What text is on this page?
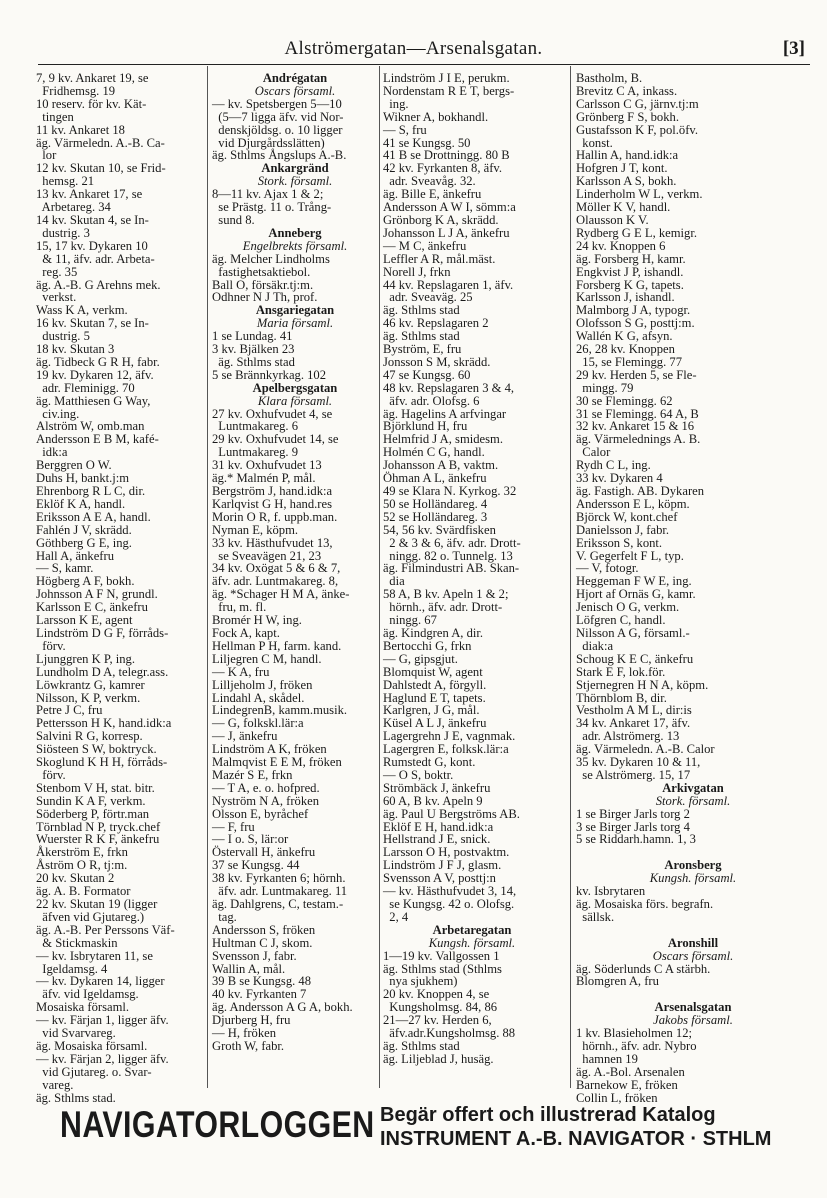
Alströmergatan—Arsenalsgatan.	[3]
7, 9 kv. Ankaret 19, se
Fridhemsg. 19
10 reserv. för kv. Kät-
tingen
11 kv. Ankaret 18
äg. Värmeledn. A.-B. Ca-
lor
12 kv. Skutan 10, se Frid-
hemsg. 21
13 kv. Ankaret 17, se
Arbetareg. 34
14 kv. Skutan 4, se In-
dustrig. 3
15, 17 kv. Dykaren 10
& 11, äfv. adr. Arbeta-
reg. 35
äg. A.-B. G Arehns mek.
verkst.
Wass K A, verkm.
16 kv. Skutan 7, se In-
dustrig. 5
18 kv. Skutan 3
äg. Tidbeck G R H, fabr.
19 kv. Dykaren 12, äfv.
adr. Fleminigg. 70
äg. Matthiesen G Way,
civ.ing.
Alström W, omb.man
Andersson E B M, kafé-
idk:a
Berggren O W.
Duhs H, bankt.j:m
Ehrenborg R L C, dir.
Eklöf K A, handl.
Eriksson A E A, handl.
Fahlén J V, skrädd.
Göthberg G E, ing.
Hall A, änkefru
— S, kamr.
Högberg A F, bokh.
Johnsson A F N, grundl.
Karlsson E C, änkefru
Larsson K E, agent
Lindström D G F, förråds-
förv.
Ljunggren K P, ing.
Lundholm D A, telegr.ass.
Löwkrantz G, kamrer
Nilsson, K P, verkm.
Petre J C, fru
Pettersson H K, hand.idk:a
Salvini R G, korresp.
Siösteen S W, boktryck.
Skoglund K H H, förråds-
förv.
Stenbom V H, stat. bitr.
Sundin K A F, verkm.
Söderberg P, förtr.man
Törnblad N P, tryck.chef
Wuerster R K F, änkefru
Åkerström E, frkn
Åström O R, tj:m.
20 kv. Skutan 2
äg. A. B. Formator
22 kv. Skutan 19 (ligger
äfven vid Gjutareg.)
äg. A.-B. Per Perssons Väf-
& Stickmaskin
— kv. Isbrytaren 11, se
Igeldamsg. 4
— kv. Dykaren 14, ligger
äfv. vid Igeldamsg.
Mosaiska församl.
— kv. Färjan 1, ligger äfv.
vid Svarvareg.
äg. Mosaiska församl.
— kv. Färjan 2, ligger äfv.
vid Gjutareg. o. Svar-
vareg.
äg. Sthlms stad.
Andrégatan
Oscars församl.
— kv. Spetsbergen 5—10
(5—7 ligga äfv. vid Nor-
denskjöldsg. o. 10 ligger
vid Djurgårdsslätten)
äg. Sthlms Ångslups A.-B.
Ankargränd
Stork. församl.
8—11 kv. Ajax 1 & 2;
se Prästg. 11 o. Trång-
sund 8.
Anneberg
Engelbrekts församl.
äg. Melcher Lindholms
fastighetsaktiebol.
Ball O, försäkr.tj:m.
Odhner N J Th, prof.
Ansgariegatan
Maria församl.
1 se Lundag. 41
3 kv. Bjälken 23
äg. Sthlms stad
5 se Brännkyrkag. 102
Apelbergsgatan
Klara församl.
27 kv. Oxhufvudet 4, se
Luntmakareg. 6
29 kv. Oxhufvudet 14, se
Luntmakareg. 9
31 kv. Oxhufvudet 13
äg.* Malmén P, mål.
Bergström J, hand.idk:a
Karlqvist G H, hand.res
Morin O R, f. uppb.man.
Nyman E, köpm.
33 kv. Hästhufvudet 13,
se Sveavägen 21, 23
34 kv. Oxögat 5 & 6 & 7,
äfv. adr. Luntmakareg. 8,
äg. *Schager H M A, änke-
fru, m. fl.
Bromér H W, ing.
Fock A, kapt.
Hellman P H, farm. kand.
Liljegren C M, handl.
— K A, fru
Lilljeholm J, fröken
Lindahl A, skådel.
LindegrenB, kamm.musik.
— G, folkskl.lär:a
— J, änkefru
Lindström A K, fröken
Malmqvist E E M, fröken
Mazér S E, frkn
— T A, e. o. hofpred.
Nyström N A, fröken
Olsson E, byråchef
— F, fru
— I o. S, lär:or
Östervall H, änkefru
37 se Kungsg. 44
38 kv. Fyrkanten 6; hörnh.
äfv. adr. Luntmakareg. 11
äg. Dahlgrens, C, testam.-
tag.
Andersson S, fröken
Hultman C J, skom.
Svensson J, fabr.
Wallin A, mål.
39 B se Kungsg. 48
40 kv. Fyrkanten 7
äg. Andersson A G A, bokh.
Djurberg H, fru
— H, fröken
Groth W, fabr.
Lindström J I E, perukm.
Nordenstam R E T, bergs-
ing.
Wikner A, bokhandl.
— S, fru
41 se Kungsg. 50
41 B se Drottningg. 80 B
42 kv. Fyrkanten 8, äfv.
adr. Sveavåg. 32.
äg. Bille E, änkefru
Andersson A W I, sömm:a
Grönborg K A, skrädd.
Johansson L J A, änkefru
— M C, änkefru
Leffler A R, mål.mäst.
Norell J, frkn
44 kv. Repslagaren 1, äfv.
adr. Sveaväg. 25
äg. Sthlms stad
46 kv. Repslagaren 2
äg. Sthlms stad
Byström, E, fru
Jonsson S M, skrädd.
47 se Kungsg. 60
48 kv. Repslagaren 3 & 4,
äfv. adr. Olofsg. 6
äg. Hagelins A arfvingar
Björklund H, fru
Helmfrid J A, smidesm.
Holmén C G, handl.
Johansson A B, vaktm.
Öhman A L, änkefru
49 se Klara N. Kyrkog. 32
50 se Holländareg. 4
52 se Holländareg. 3
54, 56 kv. Svärdfisken
2 & 3 & 6, äfv. adr. Drott-
ningg. 82 o. Tunnelg. 13
äg. Filmindustri AB. Skan-
dia
58 A, B kv. Apeln 1 & 2;
hörnh., äfv. adr. Drott-
ningg. 67
äg. Kindgren A, dir.
Bertocchi G, frkn
— G, gipsgjut.
Blomquist W, agent
Dahlstedt A, förgyll.
Haglund E T, tapets.
Karlgren, J G, mål.
Küsel A L J, änkefru
Lagergrehn J E, vagnmak.
Lagergren E, folksk.lär:a
Rumstedt G, kont.
— O S, boktr.
Strömbäck J, änkefru
60 A, B kv. Apeln 9
äg. Paul U Bergströms AB.
Eklöf E H, hand.idk:a
Hellstrand J E, snick.
Larsson O H, postvaktm.
Lindström J F J, glasm.
Svensson A V, posttj:n
— kv. Hästhufvudet 3, 14,
se Kungsg. 42 o. Olofsg.
2, 4
Arbetaregatan
Kungsh. församl.
1—19 kv. Vallgossen 1
äg. Sthlms stad (Sthlms
nya sjukhem)
20 kv. Knoppen 4, se
Kungsholmsg. 84, 86
21—27 kv. Herden 6,
äfv.adr.Kungsholmsg. 88
äg. Sthlms stad
äg. Liljeblad J, husäg.
Bastholm, B.
Brevitz C A, inkass.
Carlsson C G, järnv.tj:m
Grönberg F S, bokh.
Gustafsson K F, pol.öfv.
konst.
Hallin A, hand.idk:a
Hofgren J T, kont.
Karlsson A S, bokh.
Linderholm W L, verkm.
Möller K V, handl.
Olausson K V.
Rydberg G E L, kemigr.
24 kv. Knoppen 6
äg. Forsberg H, kamr.
Engkvist J P, ishandl.
Forsberg K G, tapets.
Karlsson J, ishandl.
Malmborg J A, typogr.
Olofsson S G, posttj:m.
Wallén K G, afsyn.
26, 28 kv. Knoppen
15, se Flemingg. 77
29 kv. Herden 5, se Fle-
mingg. 79
30 se Flemingg. 62
31 se Flemingg. 64 A, B
32 kv. Ankaret 15 & 16
äg. Värmelednings A. B.
Calor
Rydh C L, ing.
33 kv. Dykaren 4
äg. Fastigh. AB. Dykaren
Andersson E L, köpm.
Björck W, kont.chef
Danielsson J, fabr.
Eriksson S, kont.
V. Gegerfelt F L, typ.
— V, fotogr.
Heggeman F W E, ing.
Hjort af Ornäs G, kamr.
Jenisch O G, verkm.
Löfgren C, handl.
Nilsson A G, församl.-
diak:a
Schoug K E C, änkefru
Stark E F, lok.för.
Stjernegren H N A, köpm.
Thörnblom B, dir.
Vestholm A M L, dir:is
34 kv. Ankaret 17, äfv.
adr. Alströmerg. 13
äg. Värmeledn. A.-B. Calor
35 kv. Dykaren 10 & 11,
se Alströmerg. 15, 17
Arkivgatan
Stork. församl.
1 se Birger Jarls torg 2
3 se Birger Jarls torg 4
5 se Riddarh.hamn. 1, 3

Aronsberg
Kungsh. församl.
kv. Isbrytaren
äg. Mosaiska förs. begrafn.
sällsk.

Aronshill
Oscars församl.
äg. Söderlunds C A stärbh.
Blomgren A, fru

Arsenalsgatan
Jakobs församl.
1 kv. Blasieholmen 12;
hörnh., äfv. adr. Nybro
hamnen 19
äg. A.-Bol. Arsenalen
Barnekow E, fröken
Collin L, fröken
NAVIGATORLOGGEN Begär offert och illustrerad Katalog
INSTRUMENT A.-B. NAVIGATOR · STHLM
